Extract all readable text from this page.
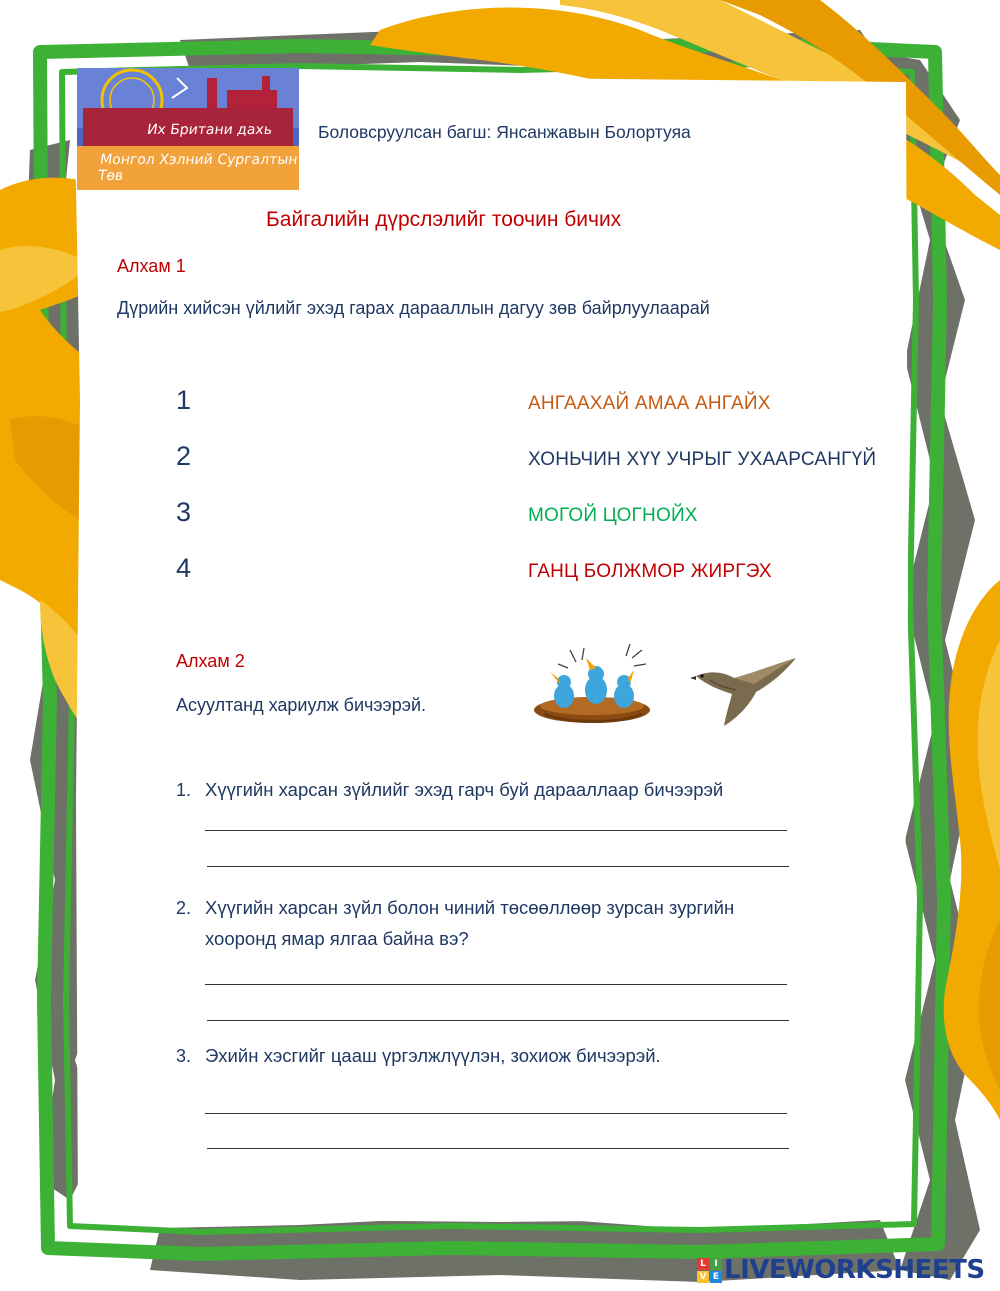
Их Британи дахь
Монгол Хэлний Сургалтын Төв
Боловсруулсан багш: Янсанжавын Болортуяа
Байгалийн дүрслэлийг тоочин бичих
Алхам 1
Дүрийн хийсэн үйлийг эхэд гарах дарааллын дагуу зөв байрлуулаарай
1
2
3
4
АНГААХАЙ АМАА АНГАЙХ
ХОНЬЧИН ХҮҮ УЧРЫГ УХААРСАНГҮЙ
МОГОЙ ЦОГНОЙХ
ГАНЦ БОЛЖМОР ЖИРГЭХ
Алхам 2
Асуултанд хариулж бичээрэй.
1. Хүүгийн харсан зүйлийг эхэд гарч буй дарааллаар бичээрэй
2. Хүүгийн харсан зүйл болон чиний төсөөллөөр зурсан зургийн
хооронд ямар ялгаа байна вэ?
3. Эхийн хэсгийг цааш үргэлжлүүлэн, зохиож бичээрэй.
L I
V E LIVEWORKSHEETS
